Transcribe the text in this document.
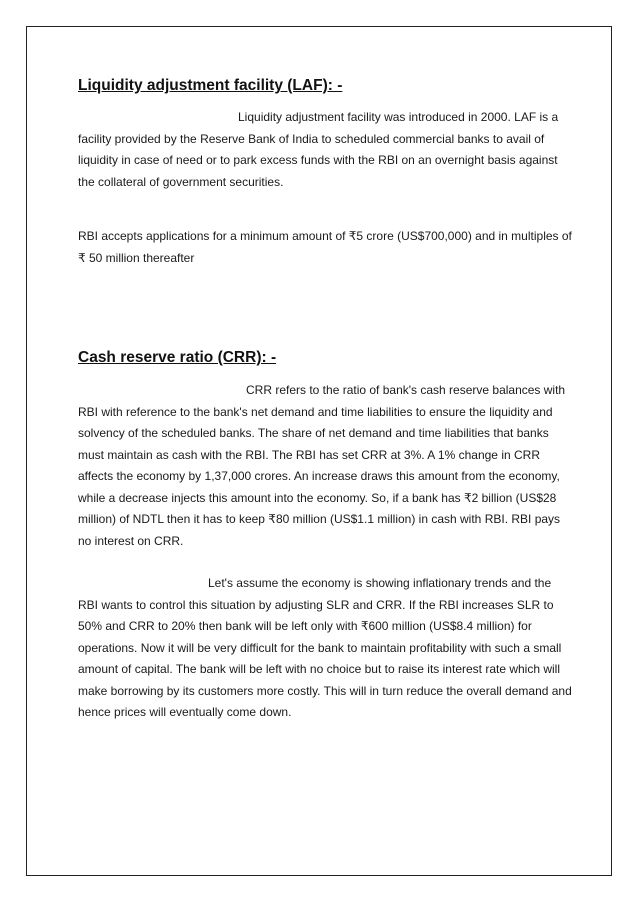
Liquidity adjustment facility (LAF): -
Liquidity adjustment facility was introduced in 2000. LAF is a facility provided by the Reserve Bank of India to scheduled commercial banks to avail of liquidity in case of need or to park excess funds with the RBI on an overnight basis against the collateral of government securities.
RBI accepts applications for a minimum amount of ₹5 crore (US$700,000) and in multiples of ₹ 50 million thereafter
Cash reserve ratio (CRR): -
CRR refers to the ratio of bank's cash reserve balances with RBI with reference to the bank's net demand and time liabilities to ensure the liquidity and solvency of the scheduled banks. The share of net demand and time liabilities that banks must maintain as cash with the RBI. The RBI has set CRR at 3%. A 1% change in CRR affects the economy by 1,37,000 crores. An increase draws this amount from the economy, while a decrease injects this amount into the economy. So, if a bank has ₹2 billion (US$28 million) of NDTL then it has to keep ₹80 million (US$1.1 million) in cash with RBI. RBI pays no interest on CRR.
Let's assume the economy is showing inflationary trends and the RBI wants to control this situation by adjusting SLR and CRR. If the RBI increases SLR to 50% and CRR to 20% then bank will be left only with ₹600 million (US$8.4 million) for operations. Now it will be very difficult for the bank to maintain profitability with such a small amount of capital. The bank will be left with no choice but to raise its interest rate which will make borrowing by its customers more costly. This will in turn reduce the overall demand and hence prices will eventually come down.
